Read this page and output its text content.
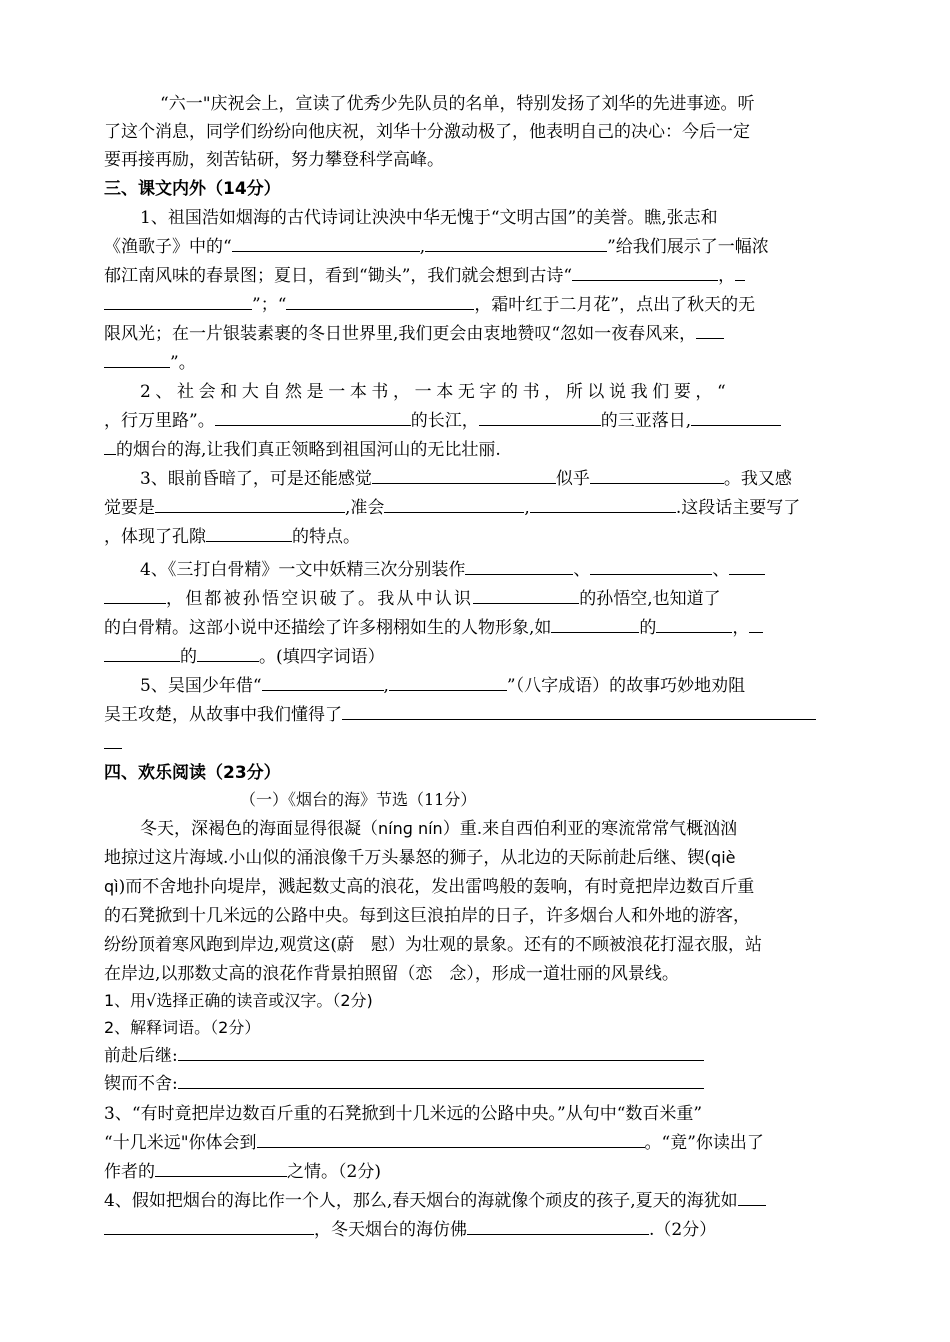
“六一"庆祝会上，宣读了优秀少先队员的名单，特别发扬了刘华的先进事迹。听
了这个消息，同学们纷纷向他庆祝，刘华十分激动极了，他表明自己的决心：今后一定
要再接再励，刻苦钻研，努力攀登科学高峰。
三、课文内外（14分）
1、祖国浩如烟海的古代诗词让泱泱中华无愧于“文明古国”的美誉。瞧,张志和
《渔歌子》中的“	,	”给我们展示了一幅浓
郁江南风味的春景图；夏日，看到“锄头”，我们就会想到古诗“	，
”；“	，霜叶红于二月花”，点出了秋天的无
限风光；在一片银装素裹的冬日世界里,我们更会由衷地赞叹“忽如一夜春风来，
”。
2、社会和大自然是一本书，一本无字的书，所以说我们要，“
，行万里路”。	的长江，	的三亚落日,
的烟台的海,让我们真正领略到祖国河山的无比壮丽.
3、眼前昏暗了，可是还能感觉	似乎	。我又感
觉要是	,准会	,	.这段话主要写了
，体现了孔隙	的特点。
4、《三打白骨精》一文中妖精三次分别装作	、	、
，但都被孙悟空识破了。我从中认识	的孙悟空,也知道了
的白骨精。这部小说中还描绘了许多栩栩如生的人物形象,如	的	，
的	。(填四字词语）
5、吴国少年借“	,	”（八字成语）的故事巧妙地劝阻
吴王攻楚，从故事中我们懂得了
四、欢乐阅读（23分）
（一）《烟台的海》节选（11分）
冬天，深褐色的海面显得很凝（nínɡ nín）重.来自西伯利亚的寒流常常气概汹汹
地掠过这片海域.小山似的涌浪像千万头暴怒的狮子，从北边的天际前赴后继、锲(qiè
qì)而不舍地扑向堤岸，溅起数丈高的浪花，发出雷鸣般的轰响，有时竟把岸边数百斤重
的石凳掀到十几米远的公路中央。每到这巨浪拍岸的日子，许多烟台人和外地的游客，
纷纷顶着寒风跑到岸边,观赏这(蔚　慰）为壮观的景象。还有的不顾被浪花打湿衣服，站
在岸边,以那数丈高的浪花作背景拍照留（恋　念），形成一道壮丽的风景线。
1、用√选择正确的读音或汉字。（2分)
2、解释词语。（2分）
前赴后继:
锲而不舍:
3、“有时竟把岸边数百斤重的石凳掀到十几米远的公路中央。”从句中“数百米重”
“十几米远"你体会到	。“竟”你读出了
作者的	之情。（2分)
4、假如把烟台的海比作一个人，那么,春天烟台的海就像个顽皮的孩子,夏天的海犹如
，冬天烟台的海仿佛	.（2分）
